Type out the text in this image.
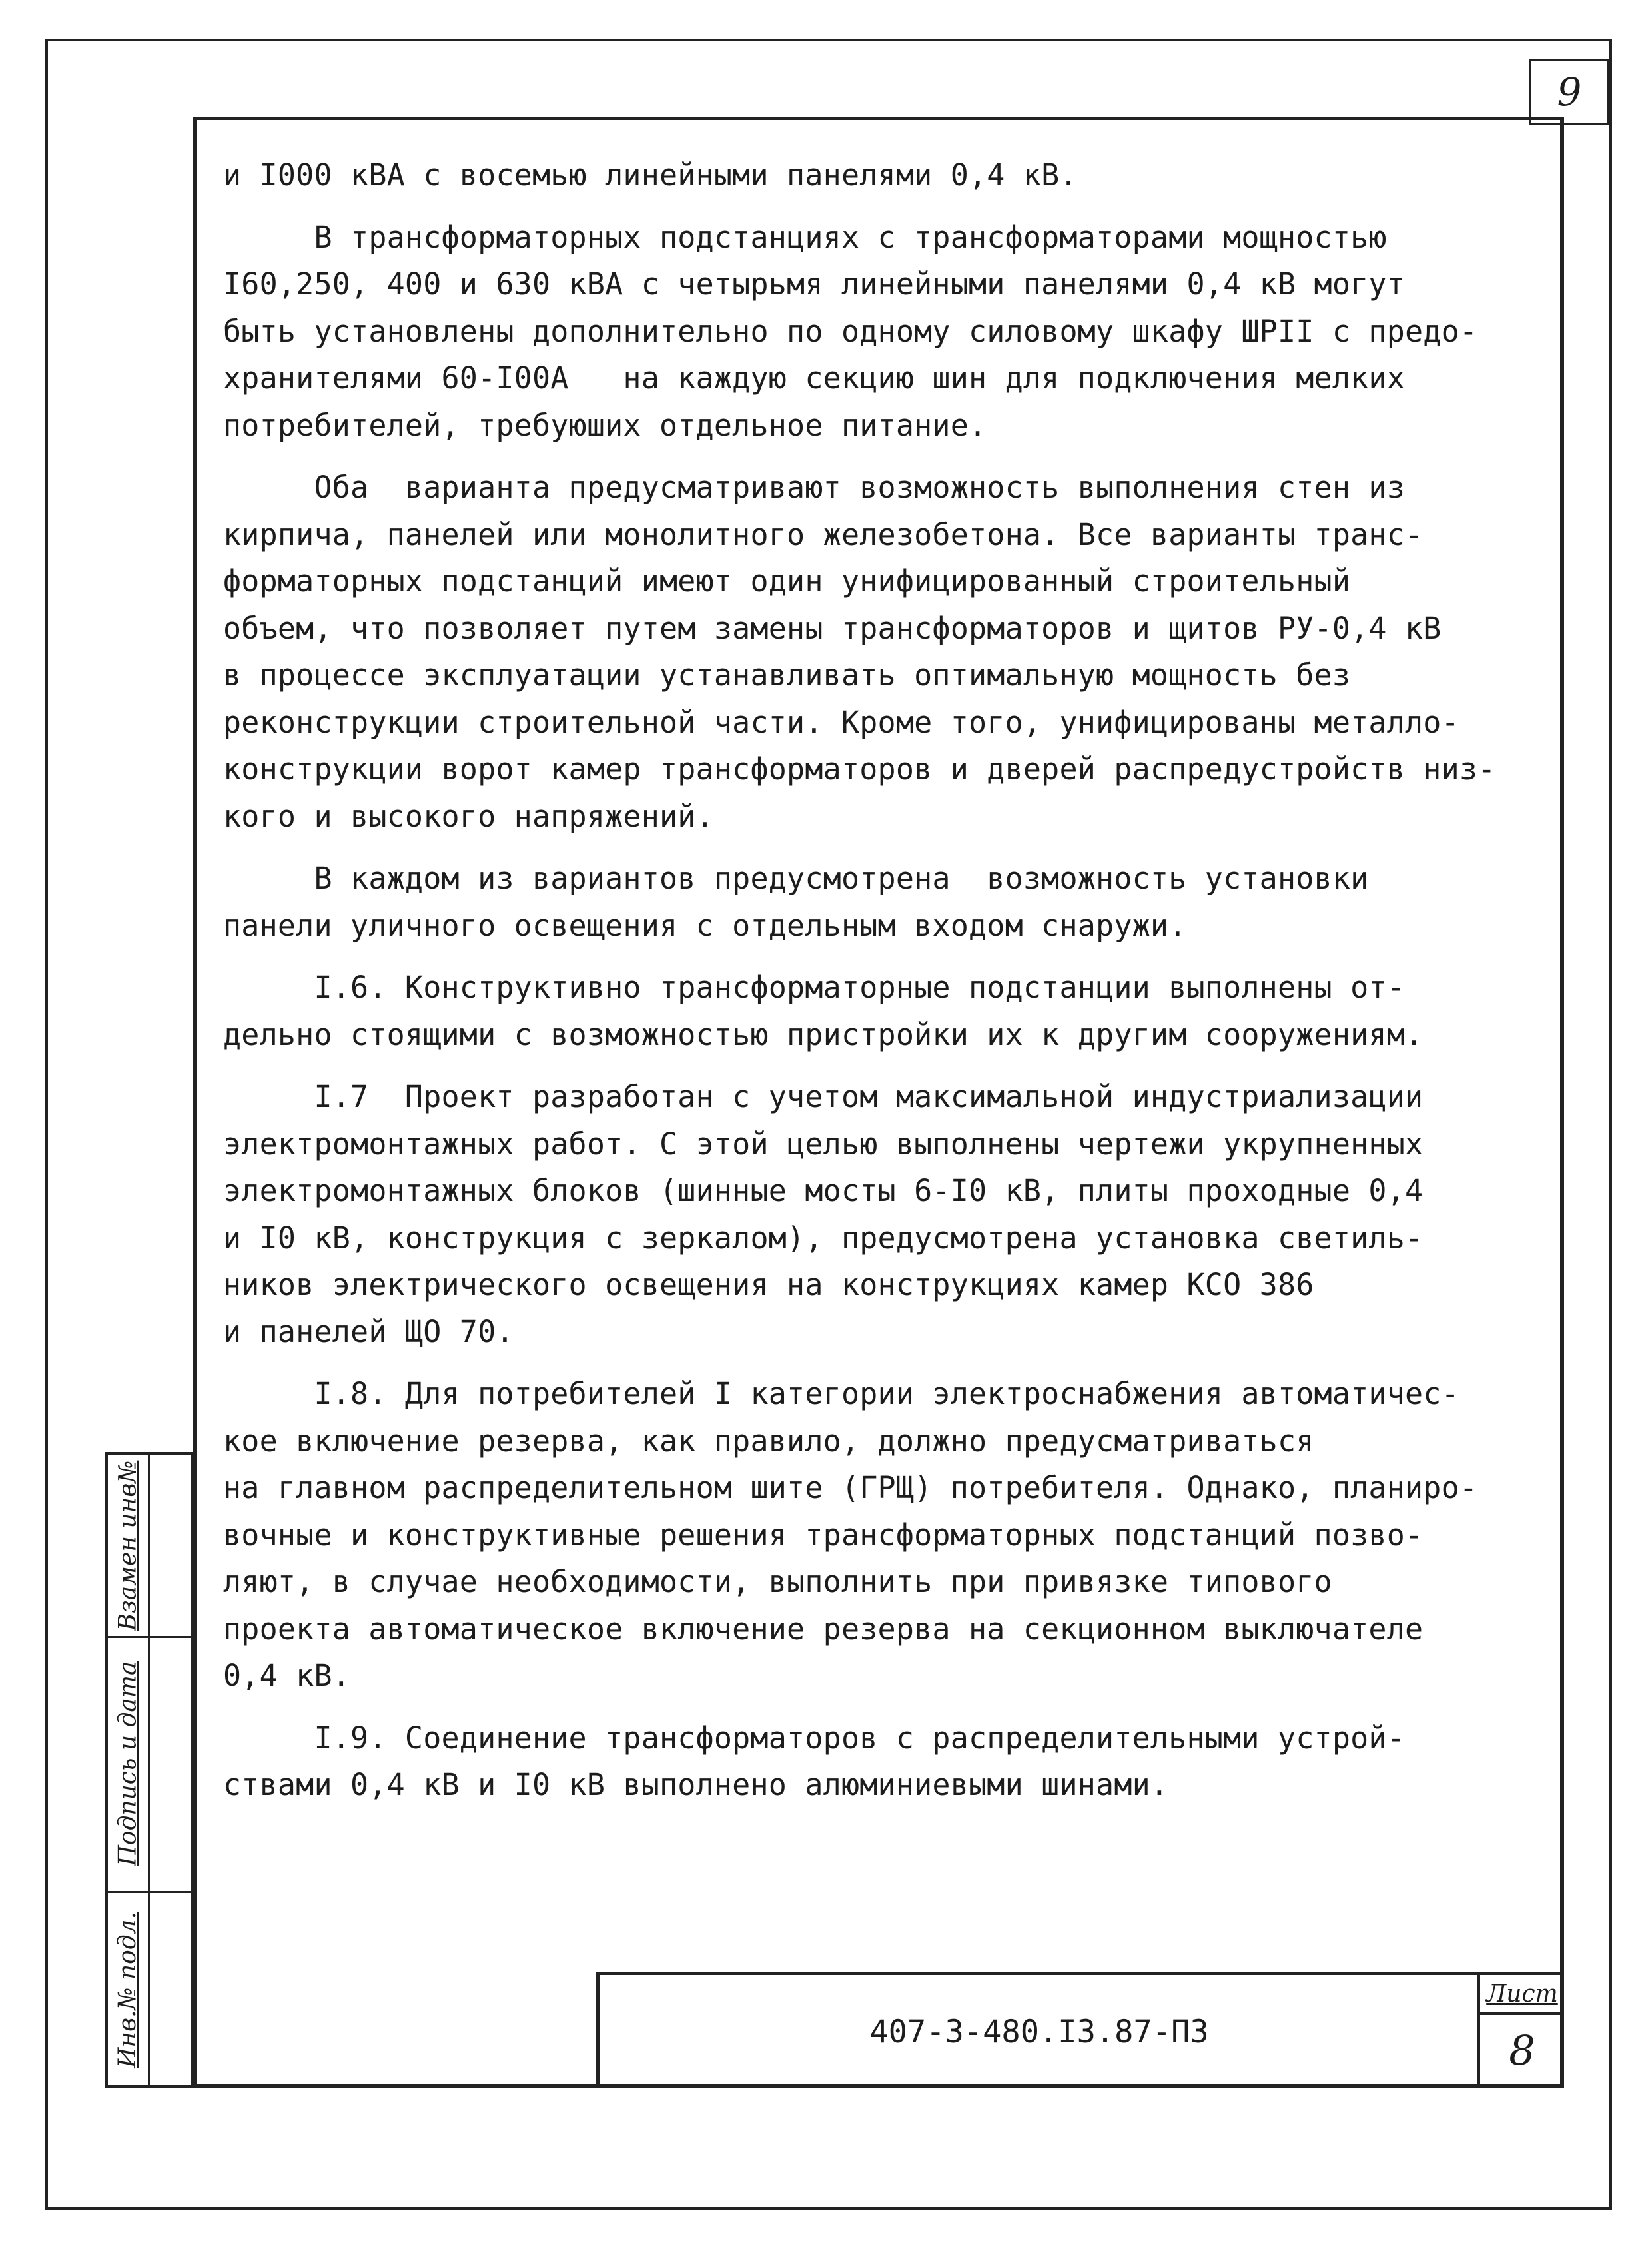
9
и I000 кВА с восемью линейными панелями 0,4 кВ.
В трансформаторных подстанциях с трансформаторами мощностью
I60,250, 400 и 630 кВА с четырьмя линейными панелями 0,4 кВ могут
быть установлены дополнительно по одному силовому шкафу ШРII с предо-
хранителями 60-I00А   на каждую секцию шин для подключения мелких
потребителей, требуюших отдельное питание.
Оба  варианта предусматривают возможность выполнения стен из
кирпича, панелей или монолитного железобетона. Все варианты транс-
форматорных подстанций имеют один унифицированный строительный
объем, что позволяет путем замены трансформаторов и щитов РУ-0,4 кВ
в процессе эксплуатации устанавливать оптимальную мощность без
реконструкции строительной части. Кроме того, унифицированы металло-
конструкции ворот камер трансформаторов и дверей распредустройств низ-
кого и высокого напряжений.
В каждом из вариантов предусмотрена  возможность установки
панели уличного освещения с отдельным входом снаружи.
I.6. Конструктивно трансформаторные подстанции выполнены от-
дельно стоящими с возможностью пристройки их к другим сооружениям.
I.7  Проект разработан с учетом максимальной индустриализации
электромонтажных работ. С этой целью выполнены чертежи укрупненных
электромонтажных блоков (шинные мосты 6-I0 кВ, плиты проходные 0,4
и I0 кВ, конструкция с зеркалом), предусмотрена установка светиль-
ников электрического освещения на конструкциях камер КСО 386
и панелей ЩО 70.
I.8. Для потребителей I категории электроснабжения автоматичес-
кое включение резерва, как правило, должно предусматриваться
на главном распределительном шите (ГРЩ) потребителя. Однако, планиро-
вочные и конструктивные решения трансформаторных подстанций позво-
ляют, в случае необходимости, выполнить при привязке типового
проекта автоматическое включение резерва на секционном выключателе
0,4 кВ.
I.9. Соединение трансформаторов с распределительными устрой-
ствами 0,4 кВ и I0 кВ выполнено алюминиевыми шинами.
Взамен инв№
Подпись и дата
Инв.№ подл.	407-3-480.I3.87-ПЗ
Лист
8
